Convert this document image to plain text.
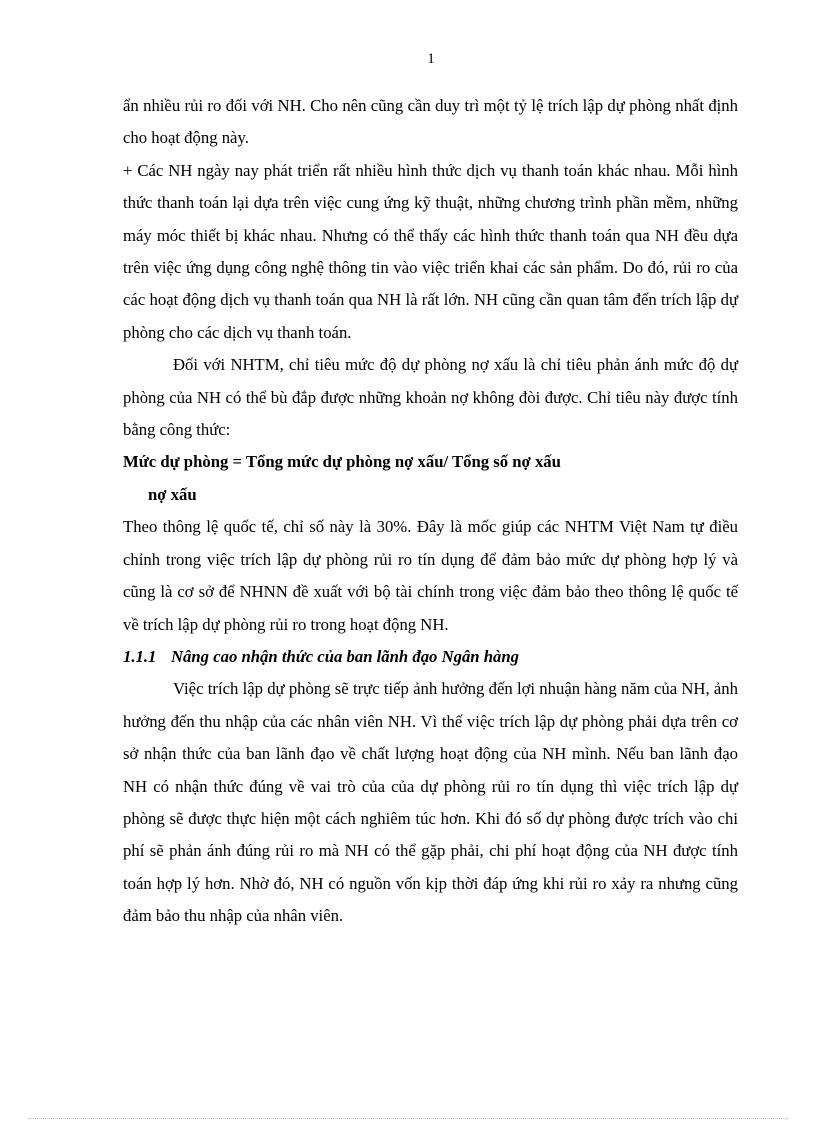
1

ẩn nhiều rủi ro đối với NH. Cho nên cũng cần duy trì một tỷ lệ trích lập dự phòng nhất định cho hoạt động này.

+ Các NH ngày nay phát triển rất nhiều hình thức dịch vụ thanh toán khác nhau. Mỗi hình thức thanh toán lại dựa trên việc cung ứng kỹ thuật, những chương trình phần mềm, những máy móc thiết bị khác nhau. Nhưng có thể thấy các hình thức thanh toán qua NH đều dựa trên việc ứng dụng công nghệ thông tin vào việc triển khai các sản phẩm. Do đó, rủi ro của các hoạt động dịch vụ thanh toán qua NH là rất lớn. NH cũng cần quan tâm đến trích lập dự phòng cho các dịch vụ thanh toán.

Đối với NHTM, chỉ tiêu mức độ dự phòng nợ xấu là chỉ tiêu phản ánh mức độ dự phòng của NH có thể bù đắp được những khoản nợ không đòi được. Chỉ tiêu này được tính bằng công thức:

Mức dự phòng = Tổng mức dự phòng nợ xấu/ Tổng số nợ xấu

nợ xấu

Theo thông lệ quốc tế, chỉ số này là 30%. Đây là mốc giúp các NHTM Việt Nam tự điều chỉnh trong việc trích lập dự phòng rủi ro tín dụng để đảm bảo mức dự phòng hợp lý và cũng là cơ sở để NHNN đề xuất với bộ tài chính trong việc đảm bảo theo thông lệ quốc tế về trích lập dự phòng rủi ro trong hoạt động NH.

1.1.1 Nâng cao nhận thức của ban lãnh đạo Ngân hàng

Việc trích lập dự phòng sẽ trực tiếp ảnh hưởng đến lợi nhuận hàng năm của NH, ảnh hưởng đến thu nhập của các nhân viên NH. Vì thế việc trích lập dự phòng phải dựa trên cơ sở nhận thức của ban lãnh đạo về chất lượng hoạt động của NH mình. Nếu ban lãnh đạo NH có nhận thức đúng về vai trò của của dự phòng rủi ro tín dụng thì việc trích lập dự phòng sẽ được thực hiện một cách nghiêm túc hơn. Khi đó số dự phòng được trích vào chi phí sẽ phản ánh đúng rủi ro mà NH có thể gặp phải, chi phí hoạt động của NH được tính toán hợp lý hơn. Nhờ đó, NH có nguồn vốn kịp thời đáp ứng khi rủi ro xảy ra nhưng cũng đảm bảo thu nhập của nhân viên.
